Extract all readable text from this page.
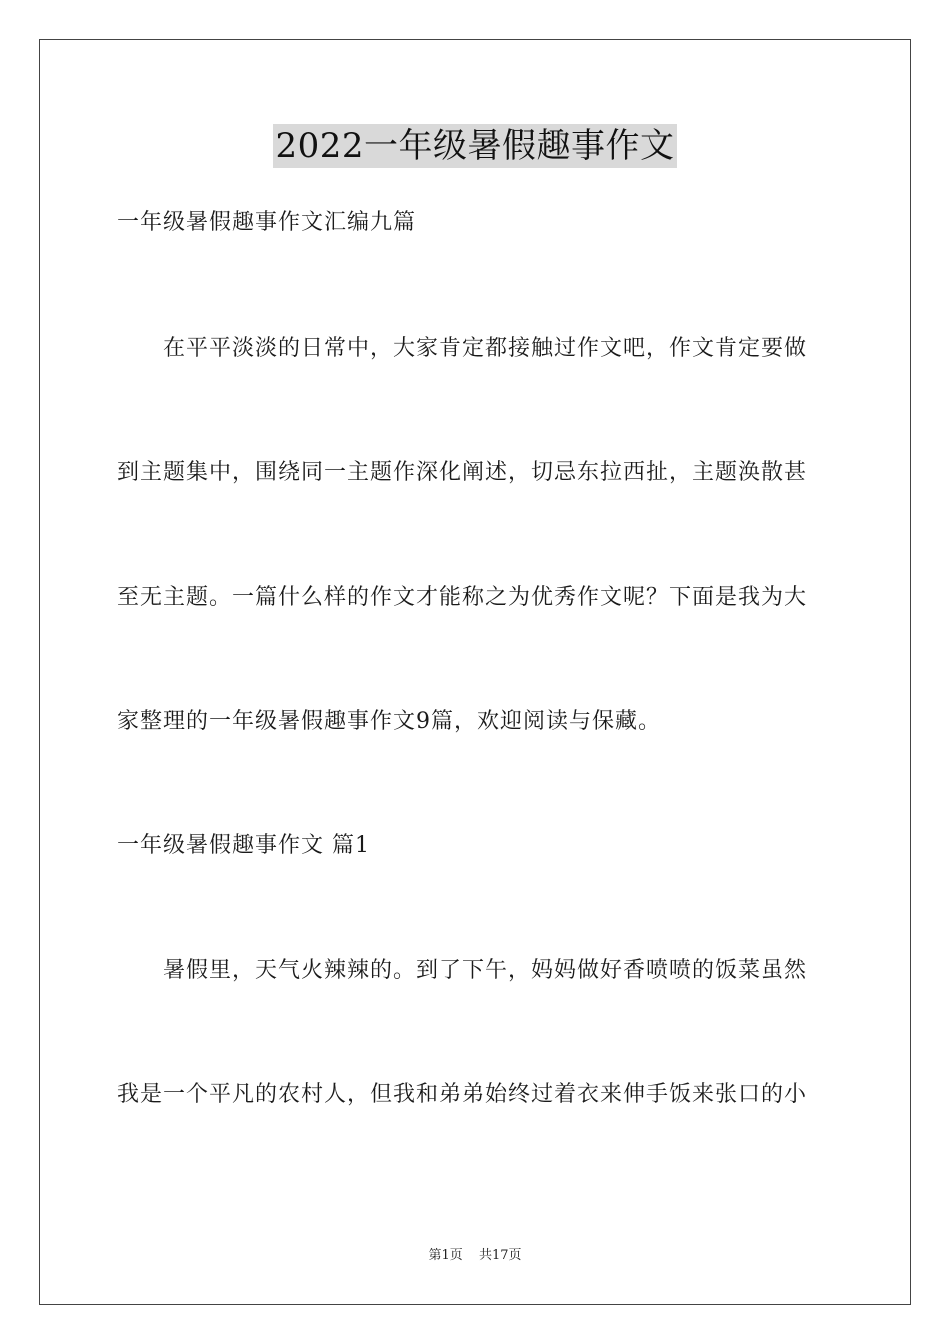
2022一年级暑假趣事作文
一年级暑假趣事作文汇编九篇
在平平淡淡的日常中，大家肯定都接触过作文吧，作文肯定要做
到主题集中，围绕同一主题作深化阐述，切忌东拉西扯，主题涣散甚
至无主题。一篇什么样的作文才能称之为优秀作文呢？下面是我为大
家整理的一年级暑假趣事作文9篇，欢迎阅读与保藏。
一年级暑假趣事作文 篇1
暑假里，天气火辣辣的。到了下午，妈妈做好香喷喷的饭菜虽然
我是一个平凡的农村人，但我和弟弟始终过着衣来伸手饭来张口的小
第1页 共17页
